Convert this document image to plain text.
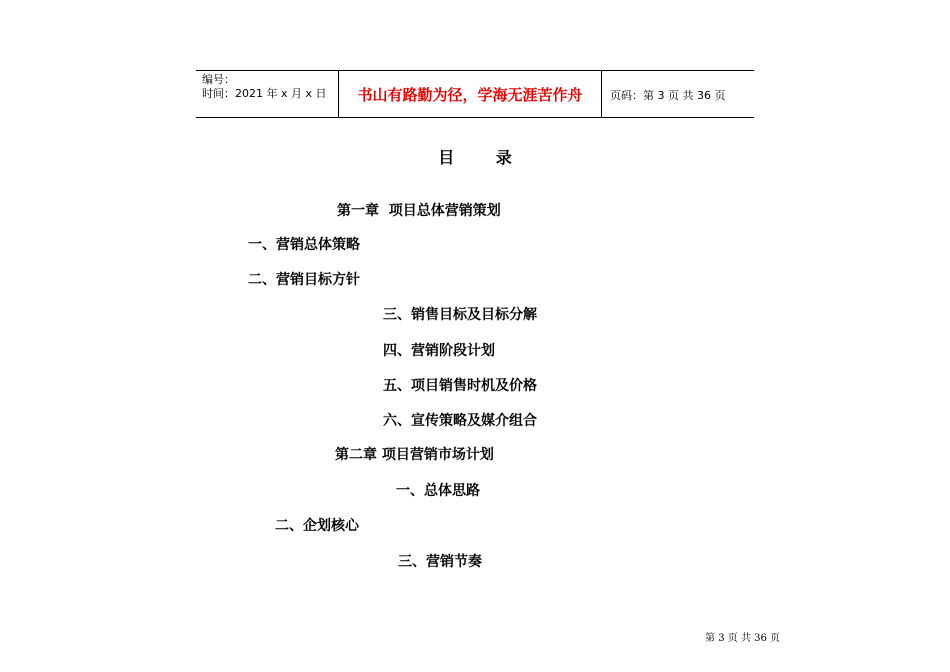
编号：
时间：2021 年 x 月 x 日	书山有路勤为径，学海无涯苦作舟	页码：第 3 页 共 36 页
目 录
第一章  项目总体营销策划
一、营销总体策略
二、营销目标方针
三、销售目标及目标分解
四、营销阶段计划
五、项目销售时机及价格
六、宣传策略及媒介组合
第二章 项目营销市场计划
一、总体思路
二、企划核心
三、营销节奏
第 3 页 共 36 页
